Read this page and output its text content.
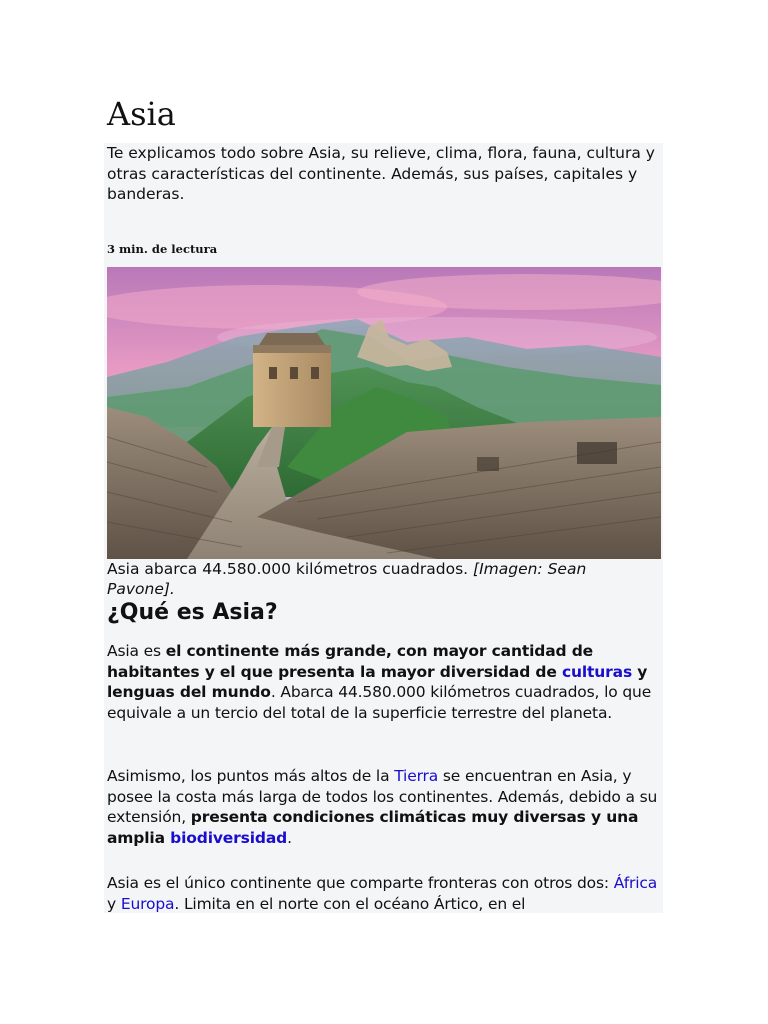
Asia

Te explicamos todo sobre Asia, su relieve, clima, flora, fauna, cultura y otras características del continente. Además, sus países, capitales y banderas.

3 min. de lectura

Asia abarca 44.580.000 kilómetros cuadrados. [Imagen: Sean Pavone].

¿Qué es Asia?

Asia es el continente más grande, con mayor cantidad de habitantes y el que presenta la mayor diversidad de culturas y lenguas del mundo. Abarca 44.580.000 kilómetros cuadrados, lo que equivale a un tercio del total de la superficie terrestre del planeta.

Asimismo, los puntos más altos de la Tierra se encuentran en Asia, y posee la costa más larga de todos los continentes. Además, debido a su extensión, presenta condiciones climáticas muy diversas y una amplia biodiversidad.

Asia es el único continente que comparte fronteras con otros dos: África y Europa. Limita en el norte con el océano Ártico, en el
